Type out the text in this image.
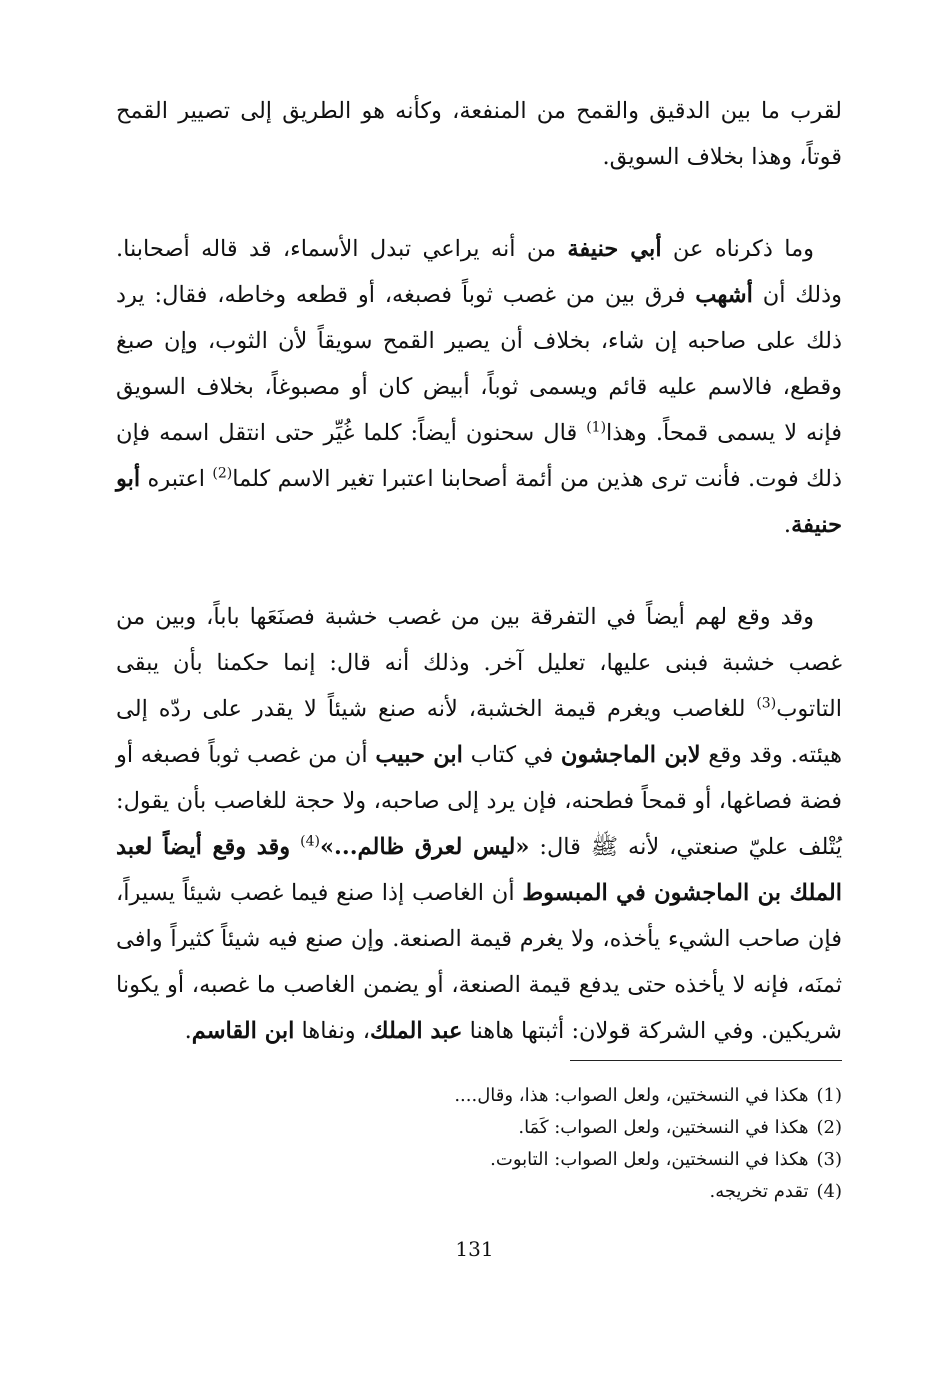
لقرب ما بين الدقيق والقمح من المنفعة، وكأنه هو الطريق إلى تصيير القمح قوتاً، وهذا بخلاف السويق.

وما ذكرناه عن أبي حنيفة من أنه يراعي تبدل الأسماء، قد قاله أصحابنا. وذلك أن أشهب فرق بين من غصب ثوباً فصبغه، أو قطعه وخاطه، فقال: يرد ذلك على صاحبه إن شاء، بخلاف أن يصير القمح سويقاً لأن الثوب، وإن صبغ وقطع، فالاسم عليه قائم ويسمى ثوباً، أبيض كان أو مصبوغاً، بخلاف السويق فإنه لا يسمى قمحاً. وهذا$^{(1)}$ قال سحنون أيضاً: كلما غُيِّر حتى انتقل اسمه فإن ذلك فوت. فأنت ترى هذين من أئمة أصحابنا اعتبرا تغير الاسم كلما$^{(2)}$ اعتبره أبو حنيفة.

وقد وقع لهم أيضاً في التفرقة بين من غصب خشبة فصنَعَها باباً، وبين من غصب خشبة فبنى عليها، تعليل آخر. وذلك أنه قال: إنما حكمنا بأن يبقى التاتوب$^{(3)}$ للغاصب ويغرم قيمة الخشبة، لأنه صنع شيئاً لا يقدر على ردّه إلى هيئته. وقد وقع لابن الماجشون في كتاب ابن حبيب أن من غصب ثوباً فصبغه أو فضة فصاغها، أو قمحاً فطحنه، فإن يرد إلى صاحبه، ولا حجة للغاصب بأن يقول: يُتْلف عليّ صنعتي، لأنه ﷺ قال: «ليس لعرق ظالم...»$^{(4)}$ وقد وقع أيضاً لعبد الملك بن الماجشون في المبسوط أن الغاصب إذا صنع فيما غصب شيئاً يسيراً، فإن صاحب الشيء يأخذه، ولا يغرم قيمة الصنعة. وإن صنع فيه شيئاً كثيراً وافى ثمنَه، فإنه لا يأخذه حتى يدفع قيمة الصنعة، أو يضمن الغاصب ما غصبه، أو يكونا شريكين. وفي الشركة قولان: أثبتها هاهنا عبد الملك، ونفاها ابن القاسم.

(1)هكذا في النسختين، ولعل الصواب: هذا، وقال....
(2)هكذا في النسختين، ولعل الصواب: كَمَا.
(3)هكذا في النسختين، ولعل الصواب: التابوت.
(4)تقدم تخريجه.
131
